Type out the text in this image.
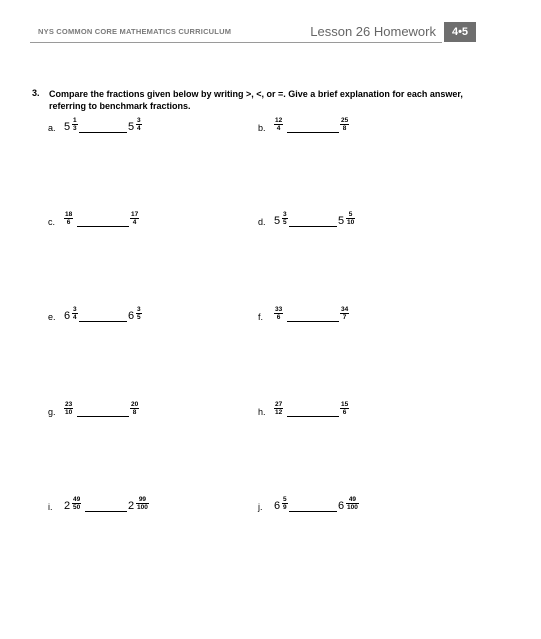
NYS COMMON CORE MATHEMATICS CURRICULUM	Lesson 26 Homework	4•5
3. Compare the fractions given below by writing >, <, or =. Give a brief explanation for each answer, referring to benchmark fractions.
a. $5 \frac{1}{3}$	$5 \frac{3}{4}$	b. $\frac{12}{4}$	$\frac{25}{8}$
c. $\frac{18}{6}$	$\frac{17}{4}$	d. $5 \frac{3}{5}$	$5 \frac{5}{10}$
e. $6 \frac{3}{4}$	$6 \frac{3}{5}$	f. $\frac{33}{6}$	$\frac{34}{7}$
g. $\frac{23}{10}$	$\frac{20}{8}$	h. $\frac{27}{12}$	$\frac{15}{6}$
i. $2 \frac{49}{50}$	$2 \frac{99}{100}$	j. $6 \frac{5}{9}$	$6 \frac{49}{100}$
